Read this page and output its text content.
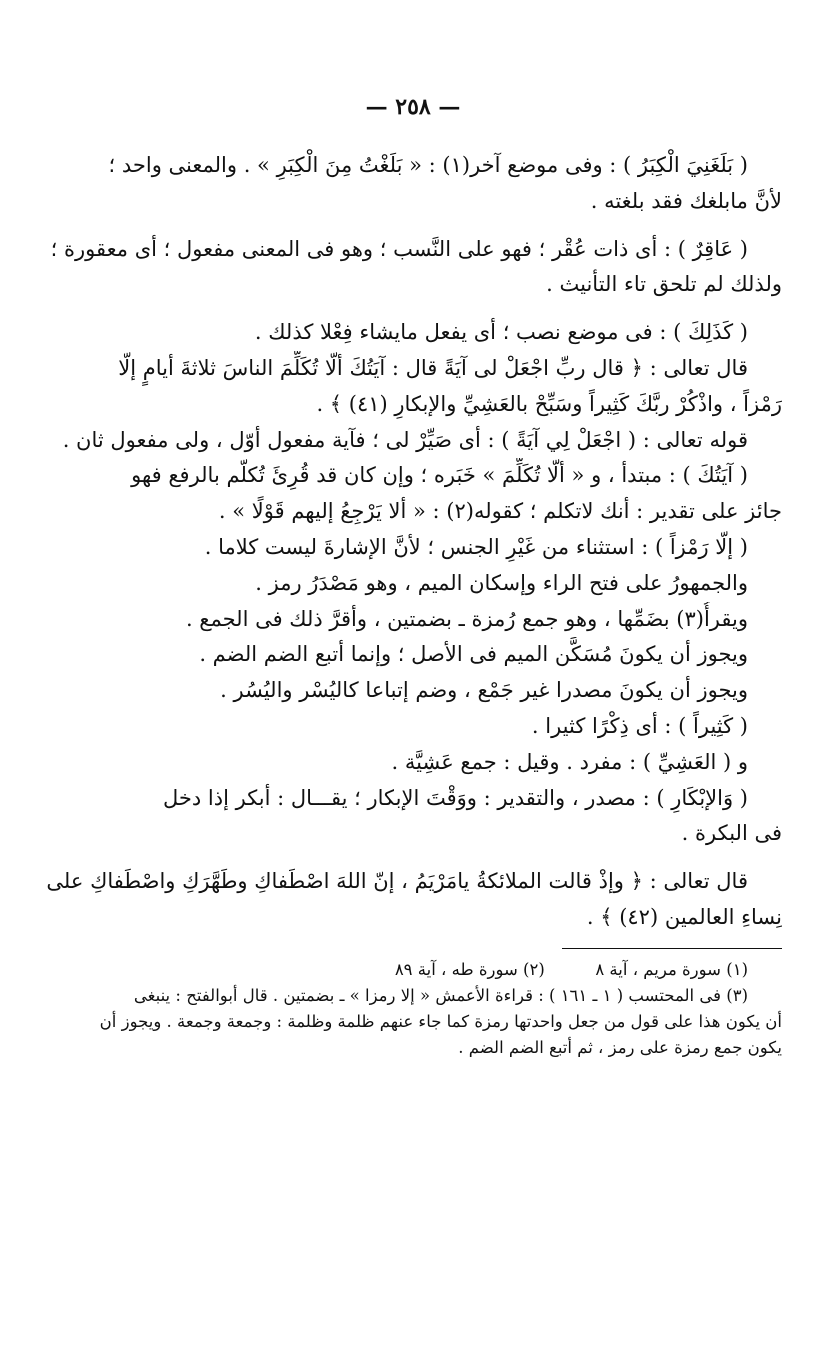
— ٢٥٨ —

( بَلَغَنِيَ الْكِبَرُ ) : وفى موضع آخر(١) : « بَلَغْتُ مِنَ الْكِبَرِ » . والمعنى واحد ؛

لأنَّ مابلغك فقد بلغته .

( عَاقِرٌ ) : أى ذات عُقْر ؛ فهو على النَّسب ؛ وهو فى المعنى مفعول ؛ أى معقورة ؛

ولذلك لم تلحق تاء التأنيث .

( كَذَلِكَ ) : فى موضع نصب ؛ أى يفعل مايشاء فِعْلا كذلك .

قال تعالى : ﴿ قال ربِّ اجْعَلْ لى آيَةً قال : آيَتُكَ ألّا تُكَلِّمَ الناسَ ثلاثةَ أيامٍ إلّا

رَمْزاً ، واذْكُرْ ربَّكَ كَثِيراً وسَبِّحْ بالعَشِيِّ والإبكارِ (٤١) ﴾ .

قوله تعالى : ( اجْعَلْ لِي آيَةً ) : أى صَيِّرْ لى ؛ فآية مفعول أوّل ، ولى مفعول ثان .

( آيَتُكَ ) : مبتدأ ، و « ألّا تُكَلِّمَ » خَبَره ؛ وإن كان قد قُرِئَ تُكلّم بالرفع فهو

جائز على تقدير : أنك لاتكلم ؛ كقوله(٢) : « ألا يَرْجِعُ إليهم قَوْلًا » .

( إلّا رَمْزاً ) : استثناء من غَيْرِ الجنس ؛ لأنَّ الإشارةَ ليست كلاما .

والجمهورُ على فتح الراء وإسكان الميم ، وهو مَصْدَرُ رمز .

ويقرأُ(٣) بضَمِّها ، وهو جمع رُمزة ـ بضمتين ، وأقرَّ ذلك فى الجمع .

ويجوز أن يكونَ مُسَكَّن الميم فى الأصل ؛ وإنما أتبع الضم الضم .

ويجوز أن يكونَ مصدرا غير جَمْع ، وضم إتباعا كاليُسْر واليُسُر .

( كَثِيراً ) : أى ذِكْرًا كثيرا .

و ( العَشِيِّ ) : مفرد . وقيل : جمع عَشِيَّة .

( وَالإبْكَارِ ) : مصدر ، والتقدير : ووَقْتَ الإبكار ؛ يقـــال : أبكر إذا دخل

فى البكرة .

قال تعالى : ﴿ وإذْ قالت الملائكةُ يامَرْيَمُ ، إنّ اللهَ اصْطَفاكِ وطَهَّرَكِ واصْطَفاكِ على

نِساءِ العالمين (٤٢) ﴾ .

(١) سورة مريم ، آية ٨  (٢) سورة طه ، آية ٨٩
(٣) فى المحتسب ( ١ ـ ١٦١ ) : قراءة الأعمش « إلا رمزا » ـ بضمتين . قال أبوالفتح : ينبغى
أن يكون هذا على قول من جعل واحدتها رمزة كما جاء عنهم ظلمة وظلمة : وجمعة وجمعة . ويجوز أن
يكون جمع رمزة على رمز ، ثم أتبع الضم الضم .
